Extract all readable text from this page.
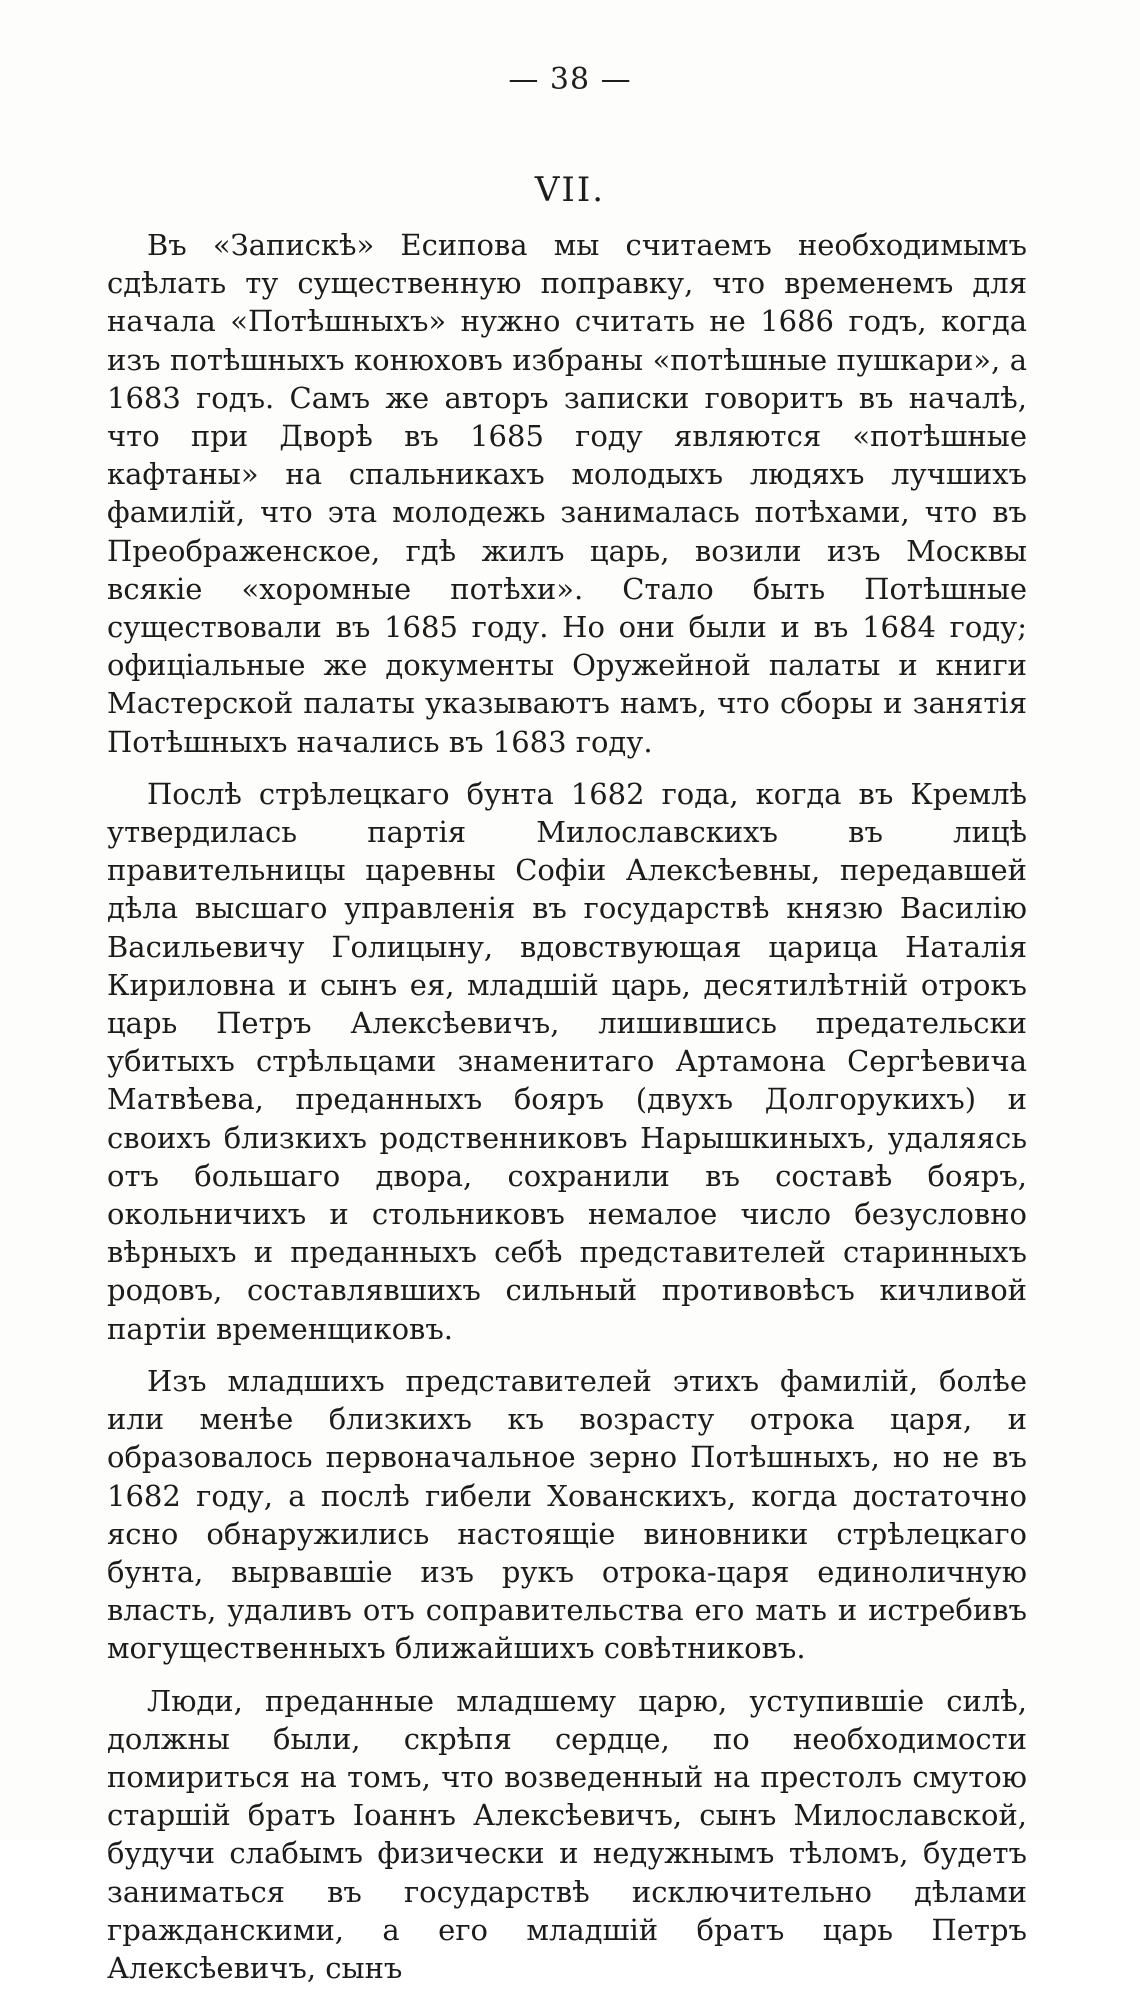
— 38 —
VII.

Въ «Запискѣ» Есипова мы считаемъ необходимымъ сдѣлать ту существенную поправку, что временемъ для начала «Потѣшныхъ» нужно считать не 1686 годъ, когда изъ потѣшныхъ конюховъ избраны «потѣшные пушкари», а 1683 годъ. Самъ же авторъ записки говоритъ въ началѣ, что при Дворѣ въ 1685 году являются «потѣшные кафтаны» на спальникахъ молодыхъ людяхъ лучшихъ фамилій, что эта молодежь занималась потѣхами, что въ Преображенское, гдѣ жилъ царь, возили изъ Москвы всякіе «хоромные потѣхи». Стало быть Потѣшные существовали въ 1685 году. Но они были и въ 1684 году; офиціальные же документы Оружейной палаты и книги Мастерской палаты указываютъ намъ, что сборы и занятія Потѣшныхъ начались въ 1683 году.

Послѣ стрѣлецкаго бунта 1682 года, когда въ Кремлѣ утвердилась партія Милославскихъ въ лицѣ правительницы царевны Софіи Алексѣевны, передавшей дѣла высшаго управленія въ государствѣ князю Василію Васильевичу Голицыну, вдовствующая царица Наталія Кириловна и сынъ ея, младшій царь, десятилѣтній отрокъ царь Петръ Алексѣевичъ, лишившись предательски убитыхъ стрѣльцами знаменитаго Артамона Сергѣевича Матвѣева, преданныхъ бояръ (двухъ Долгорукихъ) и своихъ близкихъ родственниковъ Нарышкиныхъ, удаляясь отъ большаго двора, сохранили въ составѣ бояръ, окольничихъ и стольниковъ немалое число безусловно вѣрныхъ и преданныхъ себѣ представителей старинныхъ родовъ, составлявшихъ сильный противовѣсъ кичливой партіи временщиковъ.

Изъ младшихъ представителей этихъ фамилій, болѣе или менѣе близкихъ къ возрасту отрока царя, и образовалось первоначальное зерно Потѣшныхъ, но не въ 1682 году, а послѣ гибели Хованскихъ, когда достаточно ясно обнаружились настоящіе виновники стрѣлецкаго бунта, вырвавшіе изъ рукъ отрока-царя единоличную власть, удаливъ отъ соправительства его мать и истребивъ могущественныхъ ближайшихъ совѣтниковъ.

Люди, преданные младшему царю, уступившіе силѣ, должны были, скрѣпя сердце, по необходимости помириться на томъ, что возведенный на престолъ смутою старшій братъ Іоаннъ Алексѣевичъ, сынъ Милославской, будучи слабымъ физически и недужнымъ тѣломъ, будетъ заниматься въ государствѣ исключительно дѣлами гражданскими, а его младшій братъ царь Петръ Алексѣевичъ, сынъ
